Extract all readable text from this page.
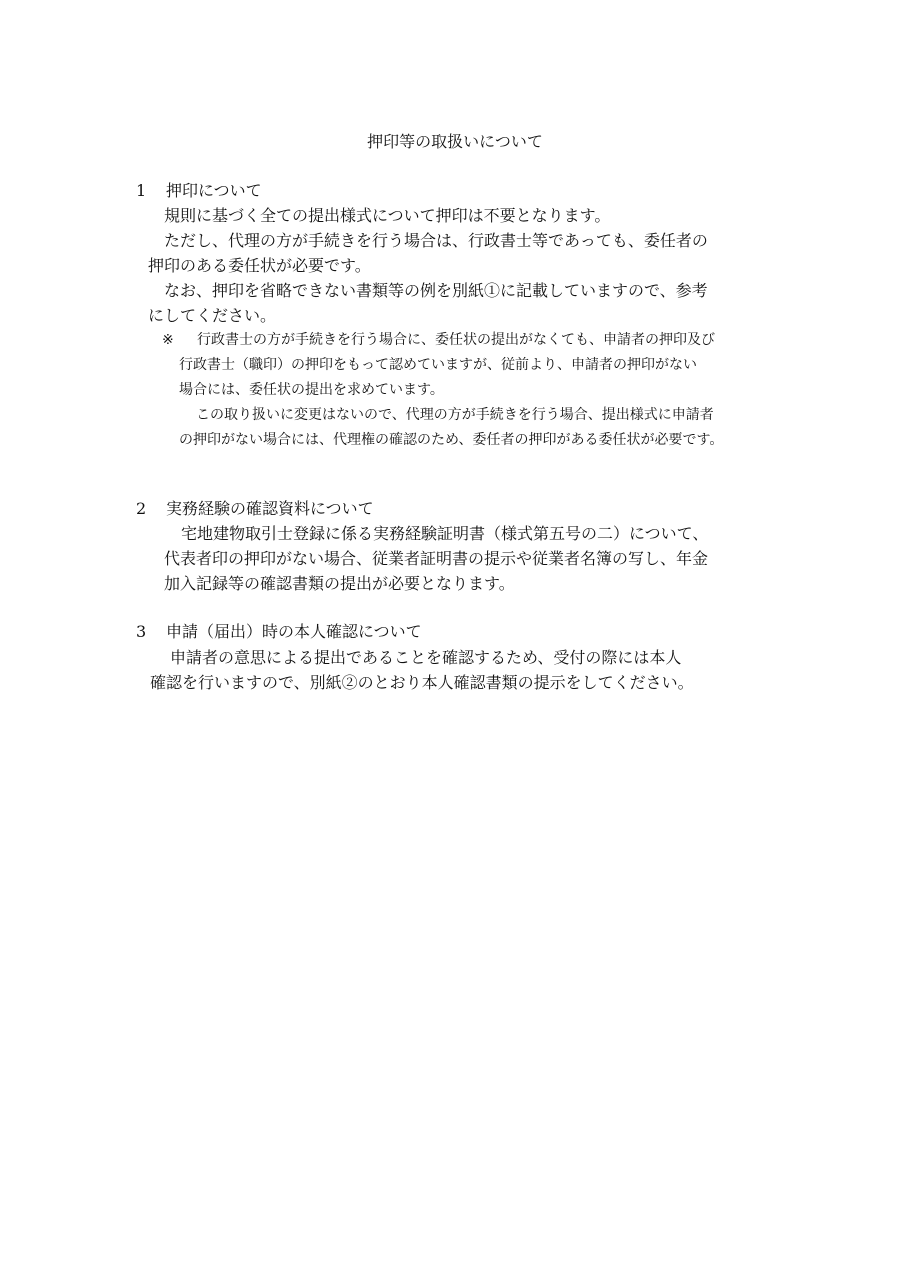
押印等の取扱いについて
1 押印について
規則に基づく全ての提出様式について押印は不要となります。
ただし、代理の方が手続きを行う場合は、行政書士等であっても、委任者の
押印のある委任状が必要です。
なお、押印を省略できない書類等の例を別紙①に記載していますので、参考
にしてください。
※ 行政書士の方が手続きを行う場合に、委任状の提出がなくても、申請者の押印及び
行政書士（職印）の押印をもって認めていますが、従前より、申請者の押印がない
場合には、委任状の提出を求めています。
この取り扱いに変更はないので、代理の方が手続きを行う場合、提出様式に申請者
の押印がない場合には、代理権の確認のため、委任者の押印がある委任状が必要です。
2 実務経験の確認資料について
宅地建物取引士登録に係る実務経験証明書（様式第五号の二）について、
代表者印の押印がない場合、従業者証明書の提示や従業者名簿の写し、年金
加入記録等の確認書類の提出が必要となります。
3 申請（届出）時の本人確認について
申請者の意思による提出であることを確認するため、受付の際には本人
確認を行いますので、別紙②のとおり本人確認書類の提示をしてください。
